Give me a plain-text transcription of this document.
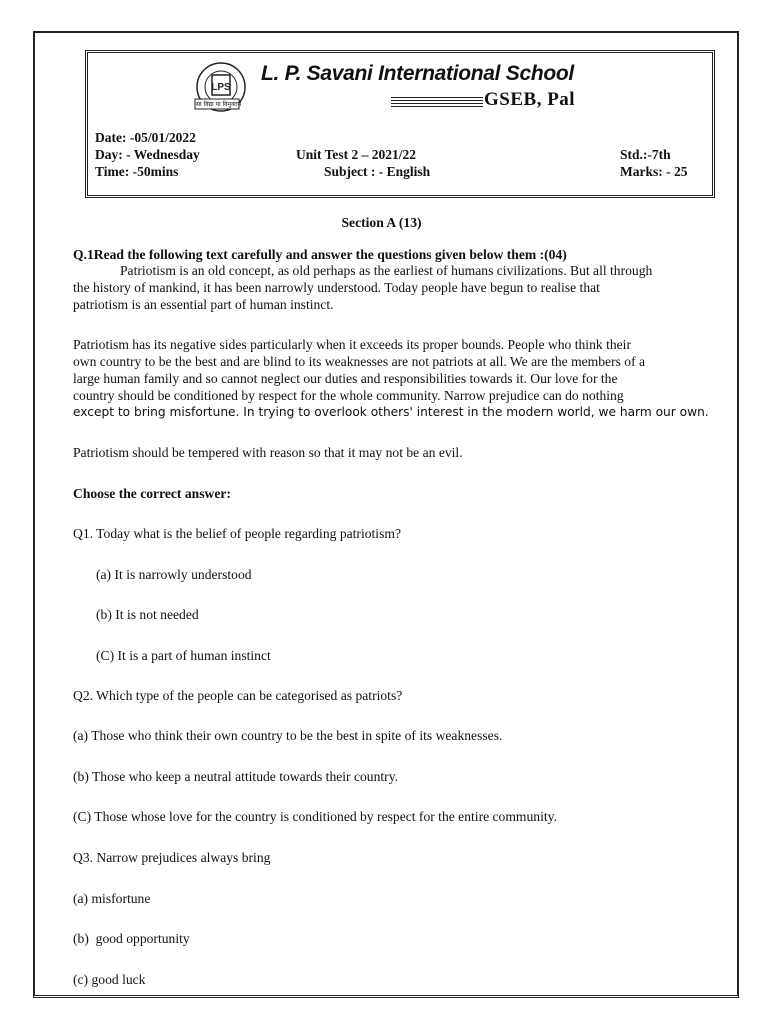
LPS
सा विद्या या विमुक्तये
L. P. Savani International School
GSEB, Pal
Date: -05/01/2022
Day: - Wednesday
Time: -50mins
Unit Test 2 – 2021/22
Subject : - English
Std.:-7th
Marks: - 25
Section A (13)
Q.1Read the following text carefully and answer the questions given below them :(04)
Patriotism is an old concept, as old perhaps as the earliest of humans civilizations. But all through
the history of mankind, it has been narrowly understood. Today people have begun to realise that
patriotism is an essential part of human instinct.
Patriotism has its negative sides particularly when it exceeds its proper bounds. People who think their
own country to be the best and are blind to its weaknesses are not patriots at all. We are the members of a
large human family and so cannot neglect our duties and responsibilities towards it. Our love for the
country should be conditioned by respect for the whole community. Narrow prejudice can do nothing
except to bring misfortune. In trying to overlook others' interest in the modern world, we harm our own.
Patriotism should be tempered with reason so that it may not be an evil.
Choose the correct answer:
Q1. Today what is the belief of people regarding patriotism?
(a) It is narrowly understood
(b) It is not needed
(C) It is a part of human instinct
Q2. Which type of the people can be categorised as patriots?
(a) Those who think their own country to be the best in spite of its weaknesses.
(b) Those who keep a neutral attitude towards their country.
(C) Those whose love for the country is conditioned by respect for the entire community.
Q3. Narrow prejudices always bring
(a) misfortune
(b)  good opportunity
(c) good luck
